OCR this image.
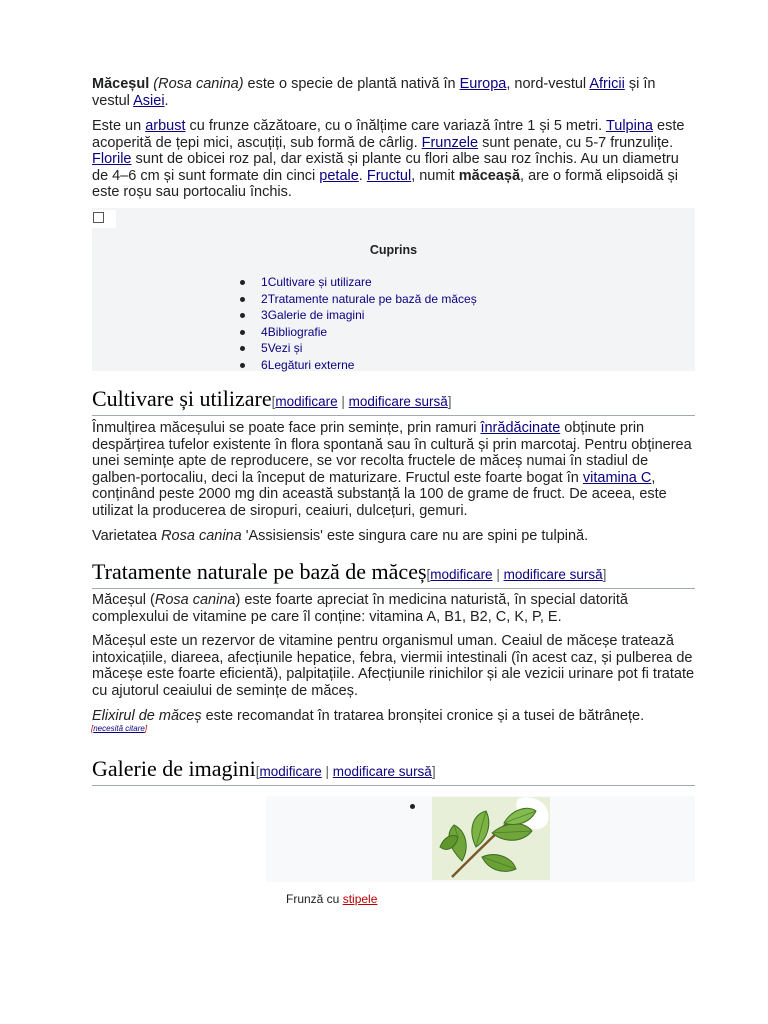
Măceșul (Rosa canina) este o specie de plantă nativă în Europa, nord-vestul Africii și în vestul Asiei.

Este un arbust cu frunze căzătoare, cu o înălțime care variază între 1 și 5 metri. Tulpina este acoperită de țepi mici, ascuțiți, sub formă de cârlig. Frunzele sunt penate, cu 5-7 frunzulițe. Florile sunt de obicei roz pal, dar există și plante cu flori albe sau roz închis. Au un diametru de 4–6 cm și sunt formate din cinci petale. Fructul, numit măceașă, are o formă elipsoidă și este roșu sau portocaliu închis.

Cuprins
1Cultivare și utilizare
2Tratamente naturale pe bază de măceș
3Galerie de imagini
4Bibliografie
5Vezi și
6Legături externe
Cultivare și utilizare[modificare | modificare sursă]

Înmulțirea măceșului se poate face prin semințe, prin ramuri înrădăcinate obținute prin despărțirea tufelor existente în flora spontană sau în cultură și prin marcotaj. Pentru obținerea unei semințe apte de reproducere, se vor recolta fructele de măceș numai în stadiul de galben-portocaliu, deci la început de maturizare. Fructul este foarte bogat în vitamina C, conținând peste 2000 mg din această substanță la 100 de grame de fruct. De aceea, este utilizat la producerea de siropuri, ceaiuri, dulcețuri, gemuri.

Varietatea Rosa canina 'Assisiensis' este singura care nu are spini pe tulpină.

Tratamente naturale pe bază de măceș[modificare | modificare sursă]

Măceșul (Rosa canina) este foarte apreciat în medicina naturistă, în special datorită complexului de vitamine pe care îl conține: vitamina A, B1, B2, C, K, P, E.

Măceșul este un rezervor de vitamine pentru organismul uman. Ceaiul de măceșe tratează intoxicațiile, diareea, afecțiunile hepatice, febra, viermii intestinali (în acest caz, și pulberea de măceșe este foarte eficientă), palpitațiile. Afecțiunile rinichilor și ale vezicii urinare pot fi tratate cu ajutorul ceaiului de semințe de măceș.

Elixirul de măceș este recomandat în tratarea bronșitei cronice și a tusei de bătrânețe.

[necesită citare]
Galerie de imagini[modificare | modificare sursă]
Frunză cu stipele
